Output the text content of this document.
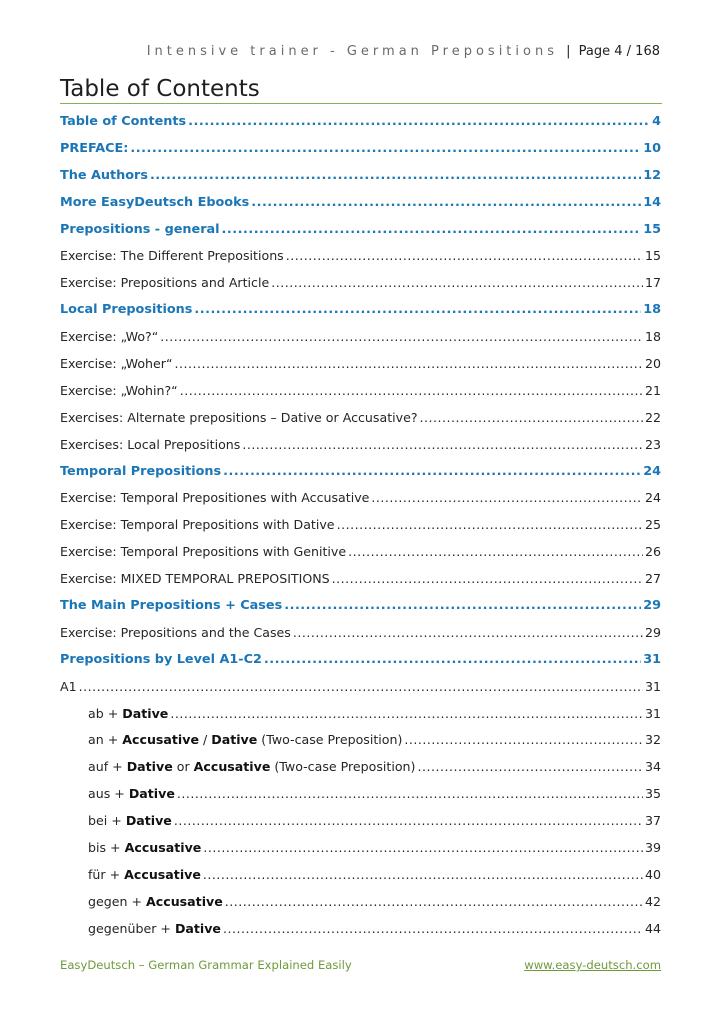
Intensive trainer - German Prepositions | Page 4 / 168
Table of Contents
Table of Contents .....	4
PREFACE: .....	10
The Authors .....	12
More EasyDeutsch Ebooks .....	14
Prepositions - general .....	15
Exercise: The Different Prepositions .....	15
Exercise: Prepositions and Article .....	17
Local Prepositions .....	18
Exercise: „Wo?“ .....	18
Exercise: „Woher“ .....	20
Exercise: „Wohin?“ .....	21
Exercises: Alternate prepositions – Dative or Accusative? .....	22
Exercises: Local Prepositions .....	23
Temporal Prepositions .....	24
Exercise: Temporal Prepositiones with Accusative .....	24
Exercise: Temporal Prepositions with Dative .....	25
Exercise: Temporal Prepositions with Genitive .....	26
Exercise: MIXED TEMPORAL PREPOSITIONS .....	27
The Main Prepositions + Cases .....	29
Exercise: Prepositions and the Cases .....	29
Prepositions by Level A1-C2 .....	31
A1 .....	31
ab + Dative .....	31
an + Accusative / Dative (Two-case Preposition) .....	32
auf + Dative or Accusative (Two-case Preposition) .....	34
aus + Dative .....	35
bei + Dative .....	37
bis + Accusative .....	39
für + Accusative .....	40
gegen + Accusative .....	42
gegenüber + Dative .....	44
EasyDeutsch – German Grammar Explained Easily	www.easy-deutsch.com
